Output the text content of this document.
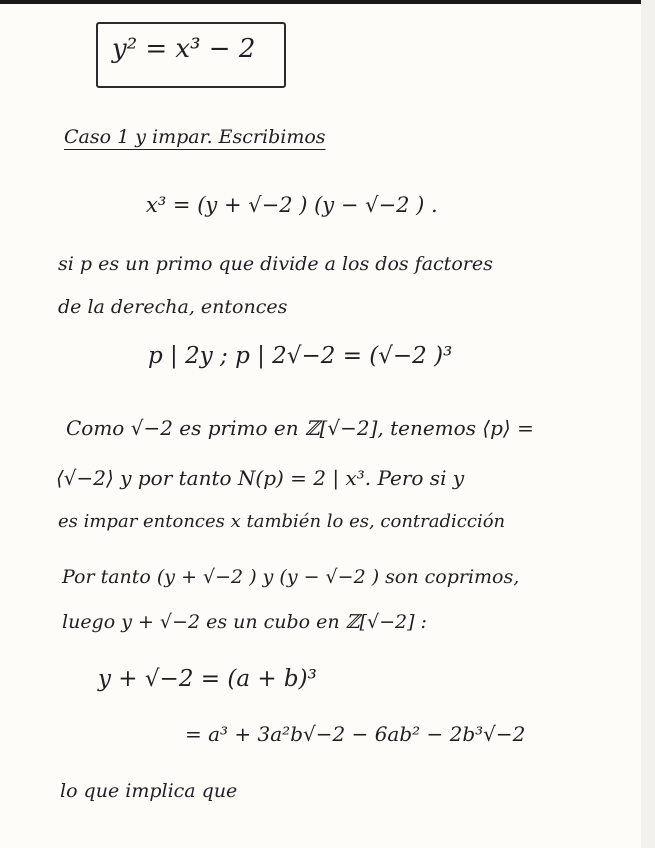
y² = x³ − 2
Caso 1 y impar. Escribimos
x³ = (y + √−2 ) (y − √−2 ) .
si p es un primo que divide a los dos factores
de la derecha, entonces
p | 2y ; p | 2√−2 = (√−2 )³
Como √−2 es primo en ℤ[√−2], tenemos ⟨p⟩ =
⟨√−2⟩ y por tanto N(p) = 2 | x³. Pero si y
es impar entonces x también lo es, contradicción
Por tanto (y + √−2 ) y (y − √−2 ) son coprimos,
luego y + √−2 es un cubo en ℤ[√−2] :
y + √−2 = (a + b)³
= a³ + 3a²b√−2 − 6ab² − 2b³√−2
lo que implica que
